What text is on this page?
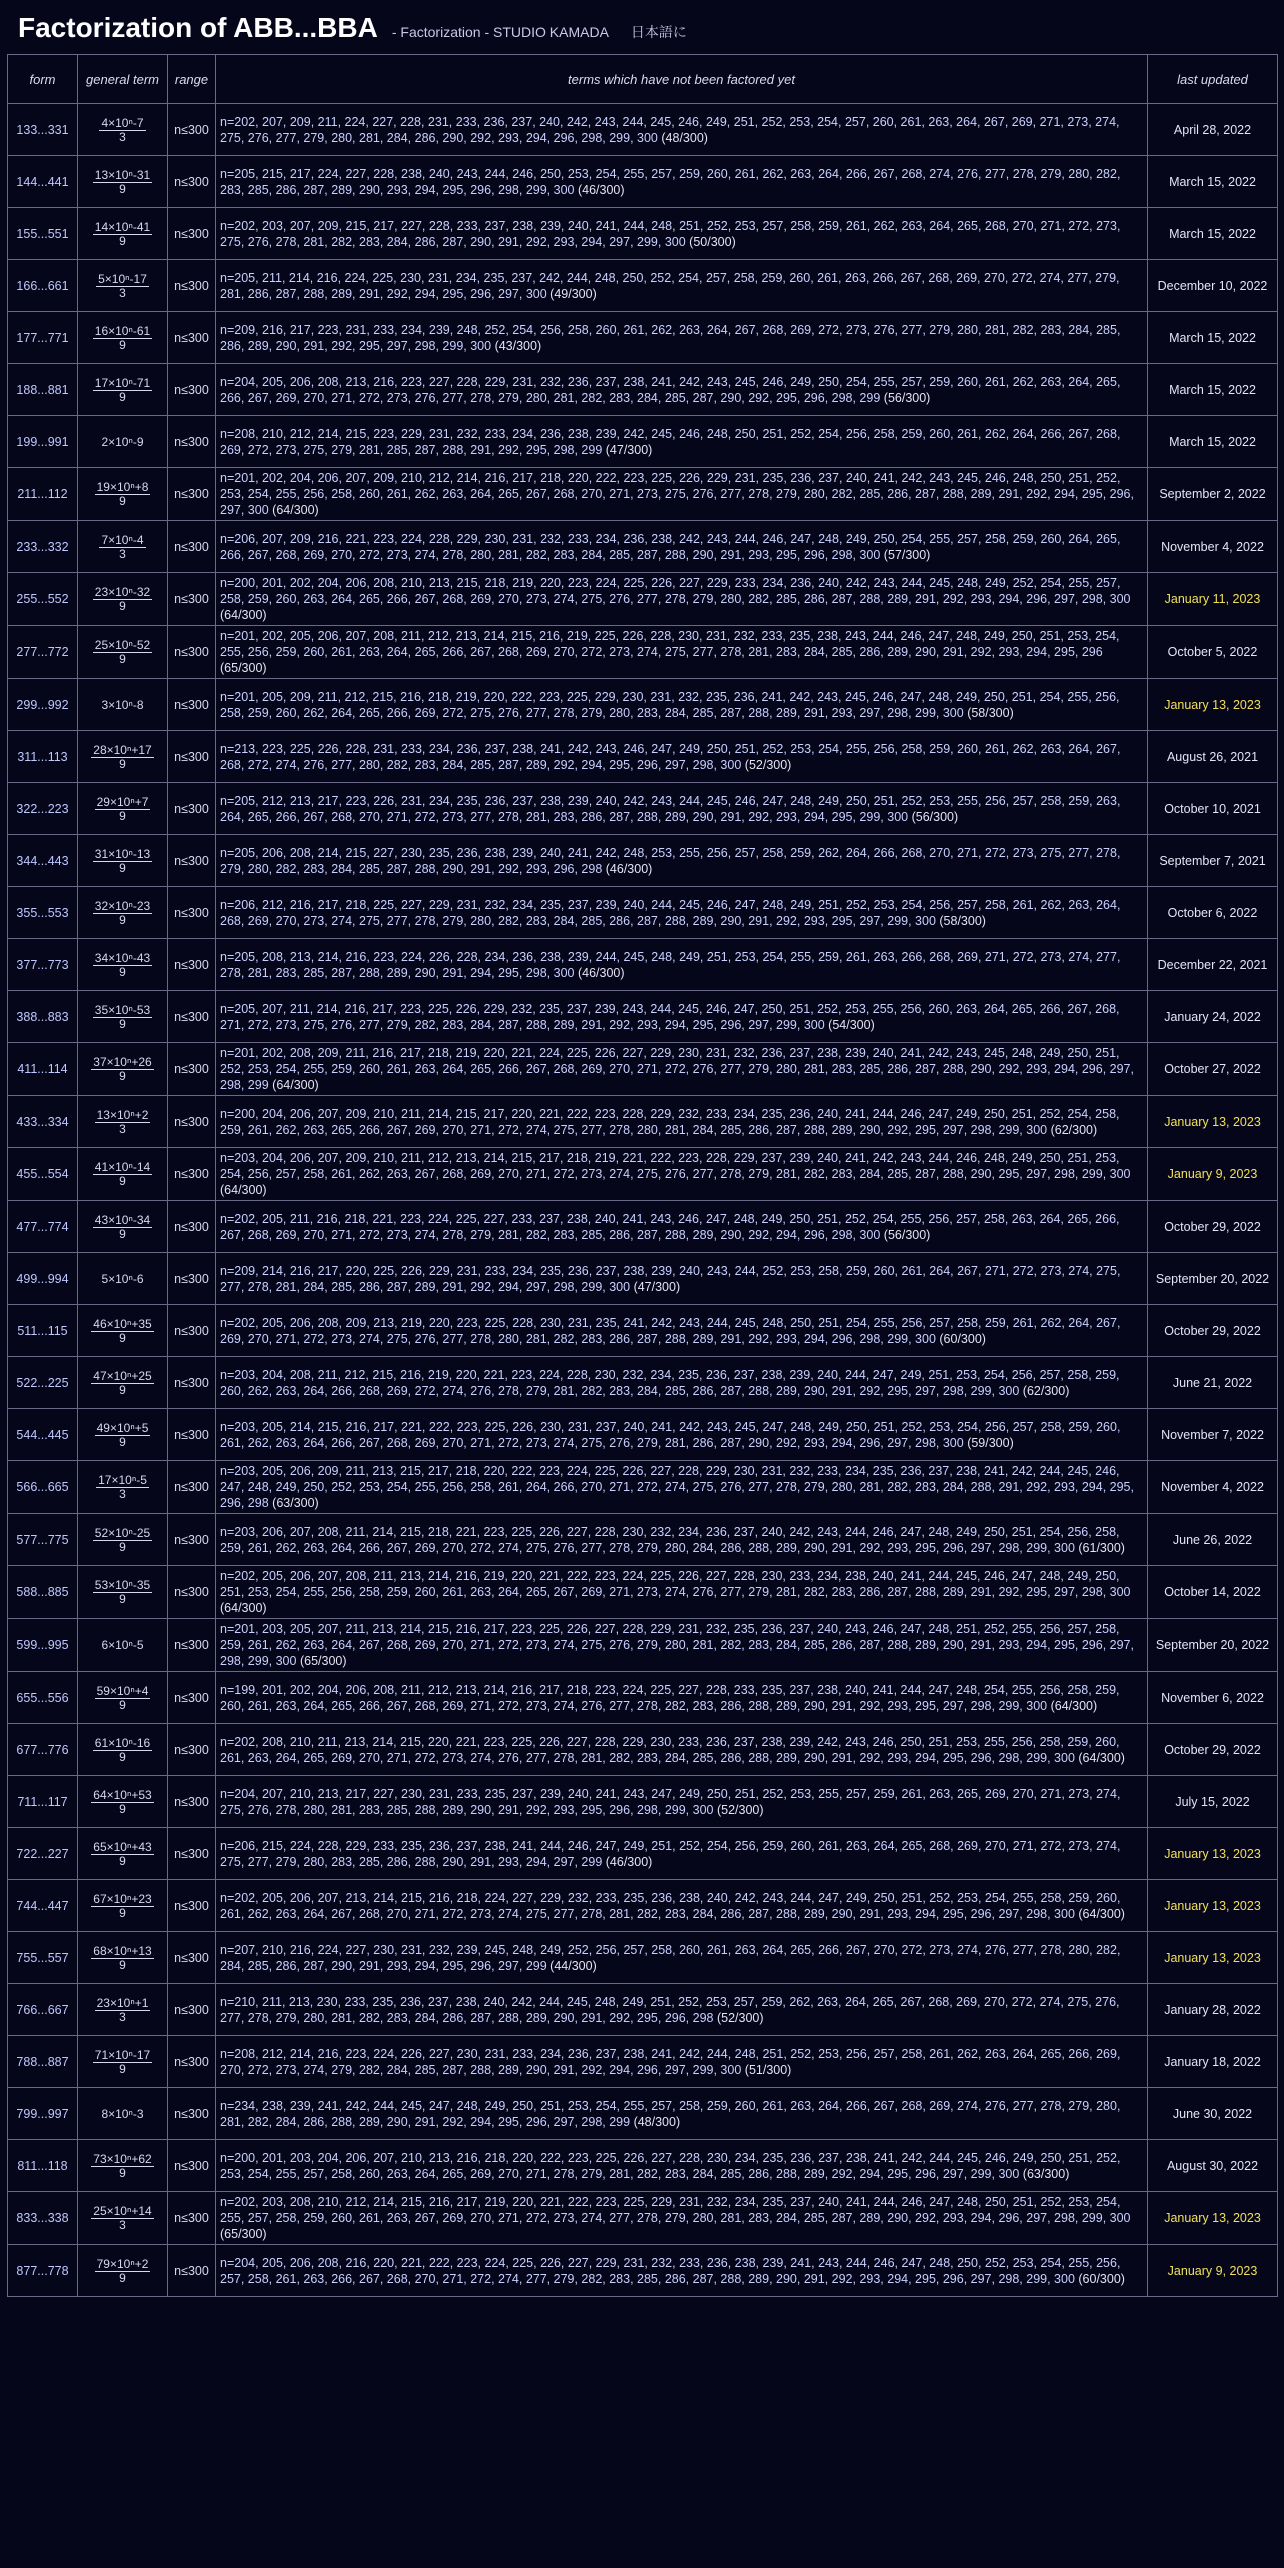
Factorization of ABB...BBA - Factorization - STUDIO KAMADA 日本語に
form	general term	range	terms which have not been factored yet	last updated
133...331	$\frac{\text{4×10ⁿ-7}}{3}$	n≤300	n=202, 207, 209, 211, 224, 227, 228, 231, 233, 236, 237, 240, 242, 243, 244, 245, 246, 249, 251, 252, 253, 254, 257, 260, 261, 263, 264, 267, 269, 271, 273, 274, 275, 276, 277, 279, 280, 281, 284, 286, 290, 292, 293, 294, 296, 298, 299, 300 (48/300)	April 28, 2022
144...441	$\frac{\text{13×10ⁿ-31}}{9}$	n≤300	n=205, 215, 217, 224, 227, 228, 238, 240, 243, 244, 246, 250, 253, 254, 255, 257, 259, 260, 261, 262, 263, 264, 266, 267, 268, 274, 276, 277, 278, 279, 280, 282, 283, 285, 286, 287, 289, 290, 293, 294, 295, 296, 298, 299, 300 (46/300)	March 15, 2022
155...551	$\frac{\text{14×10ⁿ-41}}{9}$	n≤300	n=202, 203, 207, 209, 215, 217, 227, 228, 233, 237, 238, 239, 240, 241, 244, 248, 251, 252, 253, 257, 258, 259, 261, 262, 263, 264, 265, 268, 270, 271, 272, 273, 275, 276, 278, 281, 282, 283, 284, 286, 287, 290, 291, 292, 293, 294, 297, 299, 300 (50/300)	March 15, 2022
166...661	$\frac{\text{5×10ⁿ-17}}{3}$	n≤300	n=205, 211, 214, 216, 224, 225, 230, 231, 234, 235, 237, 242, 244, 248, 250, 252, 254, 257, 258, 259, 260, 261, 263, 266, 267, 268, 269, 270, 272, 274, 277, 279, 281, 286, 287, 288, 289, 291, 292, 294, 295, 296, 297, 300 (49/300)	December 10, 2022
177...771	$\frac{\text{16×10ⁿ-61}}{9}$	n≤300	n=209, 216, 217, 223, 231, 233, 234, 239, 248, 252, 254, 256, 258, 260, 261, 262, 263, 264, 267, 268, 269, 272, 273, 276, 277, 279, 280, 281, 282, 283, 284, 285, 286, 289, 290, 291, 292, 295, 297, 298, 299, 300 (43/300)	March 15, 2022
188...881	$\frac{\text{17×10ⁿ-71}}{9}$	n≤300	n=204, 205, 206, 208, 213, 216, 223, 227, 228, 229, 231, 232, 236, 237, 238, 241, 242, 243, 245, 246, 249, 250, 254, 255, 257, 259, 260, 261, 262, 263, 264, 265, 266, 267, 269, 270, 271, 272, 273, 276, 277, 278, 279, 280, 281, 282, 283, 284, 285, 287, 290, 292, 295, 296, 298, 299 (56/300)	March 15, 2022
199...991	2×10ⁿ-9	n≤300	n=208, 210, 212, 214, 215, 223, 229, 231, 232, 233, 234, 236, 238, 239, 242, 245, 246, 248, 250, 251, 252, 254, 256, 258, 259, 260, 261, 262, 264, 266, 267, 268, 269, 272, 273, 275, 279, 281, 285, 287, 288, 291, 292, 295, 298, 299 (47/300)	March 15, 2022
211...112	$\frac{\text{19×10ⁿ+8}}{9}$	n≤300	n=201, 202, 204, 206, 207, 209, 210, 212, 214, 216, 217, 218, 220, 222, 223, 225, 226, 229, 231, 235, 236, 237, 240, 241, 242, 243, 245, 246, 248, 250, 251, 252, 253, 254, 255, 256, 258, 260, 261, 262, 263, 264, 265, 267, 268, 270, 271, 273, 275, 276, 277, 278, 279, 280, 282, 285, 286, 287, 288, 289, 291, 292, 294, 295, 296, 297, 300 (64/300)	September 2, 2022
233...332	$\frac{\text{7×10ⁿ-4}}{3}$	n≤300	n=206, 207, 209, 216, 221, 223, 224, 228, 229, 230, 231, 232, 233, 234, 236, 238, 242, 243, 244, 246, 247, 248, 249, 250, 254, 255, 257, 258, 259, 260, 264, 265, 266, 267, 268, 269, 270, 272, 273, 274, 278, 280, 281, 282, 283, 284, 285, 287, 288, 290, 291, 293, 295, 296, 298, 300 (57/300)	November 4, 2022
255...552	$\frac{\text{23×10ⁿ-32}}{9}$	n≤300	n=200, 201, 202, 204, 206, 208, 210, 213, 215, 218, 219, 220, 223, 224, 225, 226, 227, 229, 233, 234, 236, 240, 242, 243, 244, 245, 248, 249, 252, 254, 255, 257, 258, 259, 260, 263, 264, 265, 266, 267, 268, 269, 270, 273, 274, 275, 276, 277, 278, 279, 280, 282, 285, 286, 287, 288, 289, 291, 292, 293, 294, 296, 297, 298, 300 (64/300)	January 11, 2023
277...772	$\frac{\text{25×10ⁿ-52}}{9}$	n≤300	n=201, 202, 205, 206, 207, 208, 211, 212, 213, 214, 215, 216, 219, 225, 226, 228, 230, 231, 232, 233, 235, 238, 243, 244, 246, 247, 248, 249, 250, 251, 253, 254, 255, 256, 259, 260, 261, 263, 264, 265, 266, 267, 268, 269, 270, 272, 273, 274, 275, 277, 278, 281, 283, 284, 285, 286, 289, 290, 291, 292, 293, 294, 295, 296 (65/300)	October 5, 2022
299...992	3×10ⁿ-8	n≤300	n=201, 205, 209, 211, 212, 215, 216, 218, 219, 220, 222, 223, 225, 229, 230, 231, 232, 235, 236, 241, 242, 243, 245, 246, 247, 248, 249, 250, 251, 254, 255, 256, 258, 259, 260, 262, 264, 265, 266, 269, 272, 275, 276, 277, 278, 279, 280, 283, 284, 285, 287, 288, 289, 291, 293, 297, 298, 299, 300 (58/300)	January 13, 2023
311...113	$\frac{\text{28×10ⁿ+17}}{9}$	n≤300	n=213, 223, 225, 226, 228, 231, 233, 234, 236, 237, 238, 241, 242, 243, 246, 247, 249, 250, 251, 252, 253, 254, 255, 256, 258, 259, 260, 261, 262, 263, 264, 267, 268, 272, 274, 276, 277, 280, 282, 283, 284, 285, 287, 289, 292, 294, 295, 296, 297, 298, 300 (52/300)	August 26, 2021
322...223	$\frac{\text{29×10ⁿ+7}}{9}$	n≤300	n=205, 212, 213, 217, 223, 226, 231, 234, 235, 236, 237, 238, 239, 240, 242, 243, 244, 245, 246, 247, 248, 249, 250, 251, 252, 253, 255, 256, 257, 258, 259, 263, 264, 265, 266, 267, 268, 270, 271, 272, 273, 277, 278, 281, 283, 286, 287, 288, 289, 290, 291, 292, 293, 294, 295, 299, 300 (56/300)	October 10, 2021
344...443	$\frac{\text{31×10ⁿ-13}}{9}$	n≤300	n=205, 206, 208, 214, 215, 227, 230, 235, 236, 238, 239, 240, 241, 242, 248, 253, 255, 256, 257, 258, 259, 262, 264, 266, 268, 270, 271, 272, 273, 275, 277, 278, 279, 280, 282, 283, 284, 285, 287, 288, 290, 291, 292, 293, 296, 298 (46/300)	September 7, 2021
355...553	$\frac{\text{32×10ⁿ-23}}{9}$	n≤300	n=206, 212, 216, 217, 218, 225, 227, 229, 231, 232, 234, 235, 237, 239, 240, 244, 245, 246, 247, 248, 249, 251, 252, 253, 254, 256, 257, 258, 261, 262, 263, 264, 268, 269, 270, 273, 274, 275, 277, 278, 279, 280, 282, 283, 284, 285, 286, 287, 288, 289, 290, 291, 292, 293, 295, 297, 299, 300 (58/300)	October 6, 2022
377...773	$\frac{\text{34×10ⁿ-43}}{9}$	n≤300	n=205, 208, 213, 214, 216, 223, 224, 226, 228, 234, 236, 238, 239, 244, 245, 248, 249, 251, 253, 254, 255, 259, 261, 263, 266, 268, 269, 271, 272, 273, 274, 277, 278, 281, 283, 285, 287, 288, 289, 290, 291, 294, 295, 298, 300 (46/300)	December 22, 2021
388...883	$\frac{\text{35×10ⁿ-53}}{9}$	n≤300	n=205, 207, 211, 214, 216, 217, 223, 225, 226, 229, 232, 235, 237, 239, 243, 244, 245, 246, 247, 250, 251, 252, 253, 255, 256, 260, 263, 264, 265, 266, 267, 268, 271, 272, 273, 275, 276, 277, 279, 282, 283, 284, 287, 288, 289, 291, 292, 293, 294, 295, 296, 297, 299, 300 (54/300)	January 24, 2022
411...114	$\frac{\text{37×10ⁿ+26}}{9}$	n≤300	n=201, 202, 208, 209, 211, 216, 217, 218, 219, 220, 221, 224, 225, 226, 227, 229, 230, 231, 232, 236, 237, 238, 239, 240, 241, 242, 243, 245, 248, 249, 250, 251, 252, 253, 254, 255, 259, 260, 261, 263, 264, 265, 266, 267, 268, 269, 270, 271, 272, 276, 277, 279, 280, 281, 283, 285, 286, 287, 288, 290, 292, 293, 294, 296, 297, 298, 299 (64/300)	October 27, 2022
433...334	$\frac{\text{13×10ⁿ+2}}{3}$	n≤300	n=200, 204, 206, 207, 209, 210, 211, 214, 215, 217, 220, 221, 222, 223, 228, 229, 232, 233, 234, 235, 236, 240, 241, 244, 246, 247, 249, 250, 251, 252, 254, 258, 259, 261, 262, 263, 265, 266, 267, 269, 270, 271, 272, 274, 275, 277, 278, 280, 281, 284, 285, 286, 287, 288, 289, 290, 292, 295, 297, 298, 299, 300 (62/300)	January 13, 2023
455...554	$\frac{\text{41×10ⁿ-14}}{9}$	n≤300	n=203, 204, 206, 207, 209, 210, 211, 212, 213, 214, 215, 217, 218, 219, 221, 222, 223, 228, 229, 237, 239, 240, 241, 242, 243, 244, 246, 248, 249, 250, 251, 253, 254, 256, 257, 258, 261, 262, 263, 267, 268, 269, 270, 271, 272, 273, 274, 275, 276, 277, 278, 279, 281, 282, 283, 284, 285, 287, 288, 290, 295, 297, 298, 299, 300 (64/300)	January 9, 2023
477...774	$\frac{\text{43×10ⁿ-34}}{9}$	n≤300	n=202, 205, 211, 216, 218, 221, 223, 224, 225, 227, 233, 237, 238, 240, 241, 243, 246, 247, 248, 249, 250, 251, 252, 254, 255, 256, 257, 258, 263, 264, 265, 266, 267, 268, 269, 270, 271, 272, 273, 274, 278, 279, 281, 282, 283, 285, 286, 287, 288, 289, 290, 292, 294, 296, 298, 300 (56/300)	October 29, 2022
499...994	5×10ⁿ-6	n≤300	n=209, 214, 216, 217, 220, 225, 226, 229, 231, 233, 234, 235, 236, 237, 238, 239, 240, 243, 244, 252, 253, 258, 259, 260, 261, 264, 267, 271, 272, 273, 274, 275, 277, 278, 281, 284, 285, 286, 287, 289, 291, 292, 294, 297, 298, 299, 300 (47/300)	September 20, 2022
511...115	$\frac{\text{46×10ⁿ+35}}{9}$	n≤300	n=202, 205, 206, 208, 209, 213, 219, 220, 223, 225, 228, 230, 231, 235, 241, 242, 243, 244, 245, 248, 250, 251, 254, 255, 256, 257, 258, 259, 261, 262, 264, 267, 269, 270, 271, 272, 273, 274, 275, 276, 277, 278, 280, 281, 282, 283, 286, 287, 288, 289, 291, 292, 293, 294, 296, 298, 299, 300 (60/300)	October 29, 2022
522...225	$\frac{\text{47×10ⁿ+25}}{9}$	n≤300	n=203, 204, 208, 211, 212, 215, 216, 219, 220, 221, 223, 224, 228, 230, 232, 234, 235, 236, 237, 238, 239, 240, 244, 247, 249, 251, 253, 254, 256, 257, 258, 259, 260, 262, 263, 264, 266, 268, 269, 272, 274, 276, 278, 279, 281, 282, 283, 284, 285, 286, 287, 288, 289, 290, 291, 292, 295, 297, 298, 299, 300 (62/300)	June 21, 2022
544...445	$\frac{\text{49×10ⁿ+5}}{9}$	n≤300	n=203, 205, 214, 215, 216, 217, 221, 222, 223, 225, 226, 230, 231, 237, 240, 241, 242, 243, 245, 247, 248, 249, 250, 251, 252, 253, 254, 256, 257, 258, 259, 260, 261, 262, 263, 264, 266, 267, 268, 269, 270, 271, 272, 273, 274, 275, 276, 279, 281, 286, 287, 290, 292, 293, 294, 296, 297, 298, 300 (59/300)	November 7, 2022
566...665	$\frac{\text{17×10ⁿ-5}}{3}$	n≤300	n=203, 205, 206, 209, 211, 213, 215, 217, 218, 220, 222, 223, 224, 225, 226, 227, 228, 229, 230, 231, 232, 233, 234, 235, 236, 237, 238, 241, 242, 244, 245, 246, 247, 248, 249, 250, 252, 253, 254, 255, 256, 258, 261, 264, 266, 270, 271, 272, 274, 275, 276, 277, 278, 279, 280, 281, 282, 283, 284, 288, 291, 292, 293, 294, 295, 296, 298 (63/300)	November 4, 2022
577...775	$\frac{\text{52×10ⁿ-25}}{9}$	n≤300	n=203, 206, 207, 208, 211, 214, 215, 218, 221, 223, 225, 226, 227, 228, 230, 232, 234, 236, 237, 240, 242, 243, 244, 246, 247, 248, 249, 250, 251, 254, 256, 258, 259, 261, 262, 263, 264, 266, 267, 269, 270, 272, 274, 275, 276, 277, 278, 279, 280, 284, 286, 288, 289, 290, 291, 292, 293, 295, 296, 297, 298, 299, 300 (61/300)	June 26, 2022
588...885	$\frac{\text{53×10ⁿ-35}}{9}$	n≤300	n=202, 205, 206, 207, 208, 211, 213, 214, 216, 219, 220, 221, 222, 223, 224, 225, 226, 227, 228, 230, 233, 234, 238, 240, 241, 244, 245, 246, 247, 248, 249, 250, 251, 253, 254, 255, 256, 258, 259, 260, 261, 263, 264, 265, 267, 269, 271, 273, 274, 276, 277, 279, 281, 282, 283, 286, 287, 288, 289, 291, 292, 295, 297, 298, 300 (64/300)	October 14, 2022
599...995	6×10ⁿ-5	n≤300	n=201, 203, 205, 207, 211, 213, 214, 215, 216, 217, 223, 225, 226, 227, 228, 229, 231, 232, 235, 236, 237, 240, 243, 246, 247, 248, 251, 252, 255, 256, 257, 258, 259, 261, 262, 263, 264, 267, 268, 269, 270, 271, 272, 273, 274, 275, 276, 279, 280, 281, 282, 283, 284, 285, 286, 287, 288, 289, 290, 291, 293, 294, 295, 296, 297, 298, 299, 300 (65/300)	September 20, 2022
655...556	$\frac{\text{59×10ⁿ+4}}{9}$	n≤300	n=199, 201, 202, 204, 206, 208, 211, 212, 213, 214, 216, 217, 218, 223, 224, 225, 227, 228, 233, 235, 237, 238, 240, 241, 244, 247, 248, 254, 255, 256, 258, 259, 260, 261, 263, 264, 265, 266, 267, 268, 269, 271, 272, 273, 274, 276, 277, 278, 282, 283, 286, 288, 289, 290, 291, 292, 293, 295, 297, 298, 299, 300 (64/300)	November 6, 2022
677...776	$\frac{\text{61×10ⁿ-16}}{9}$	n≤300	n=202, 208, 210, 211, 213, 214, 215, 220, 221, 223, 225, 226, 227, 228, 229, 230, 233, 236, 237, 238, 239, 242, 243, 246, 250, 251, 253, 255, 256, 258, 259, 260, 261, 263, 264, 265, 269, 270, 271, 272, 273, 274, 276, 277, 278, 281, 282, 283, 284, 285, 286, 288, 289, 290, 291, 292, 293, 294, 295, 296, 298, 299, 300 (64/300)	October 29, 2022
711...117	$\frac{\text{64×10ⁿ+53}}{9}$	n≤300	n=204, 207, 210, 213, 217, 227, 230, 231, 233, 235, 237, 239, 240, 241, 243, 247, 249, 250, 251, 252, 253, 255, 257, 259, 261, 263, 265, 269, 270, 271, 273, 274, 275, 276, 278, 280, 281, 283, 285, 288, 289, 290, 291, 292, 293, 295, 296, 298, 299, 300 (52/300)	July 15, 2022
722...227	$\frac{\text{65×10ⁿ+43}}{9}$	n≤300	n=206, 215, 224, 228, 229, 233, 235, 236, 237, 238, 241, 244, 246, 247, 249, 251, 252, 254, 256, 259, 260, 261, 263, 264, 265, 268, 269, 270, 271, 272, 273, 274, 275, 277, 279, 280, 283, 285, 286, 288, 290, 291, 293, 294, 297, 299 (46/300)	January 13, 2023
744...447	$\frac{\text{67×10ⁿ+23}}{9}$	n≤300	n=202, 205, 206, 207, 213, 214, 215, 216, 218, 224, 227, 229, 232, 233, 235, 236, 238, 240, 242, 243, 244, 247, 249, 250, 251, 252, 253, 254, 255, 258, 259, 260, 261, 262, 263, 264, 267, 268, 270, 271, 272, 273, 274, 275, 277, 278, 281, 282, 283, 284, 286, 287, 288, 289, 290, 291, 293, 294, 295, 296, 297, 298, 300 (64/300)	January 13, 2023
755...557	$\frac{\text{68×10ⁿ+13}}{9}$	n≤300	n=207, 210, 216, 224, 227, 230, 231, 232, 239, 245, 248, 249, 252, 256, 257, 258, 260, 261, 263, 264, 265, 266, 267, 270, 272, 273, 274, 276, 277, 278, 280, 282, 284, 285, 286, 287, 290, 291, 293, 294, 295, 296, 297, 299 (44/300)	January 13, 2023
766...667	$\frac{\text{23×10ⁿ+1}}{3}$	n≤300	n=210, 211, 213, 230, 233, 235, 236, 237, 238, 240, 242, 244, 245, 248, 249, 251, 252, 253, 257, 259, 262, 263, 264, 265, 267, 268, 269, 270, 272, 274, 275, 276, 277, 278, 279, 280, 281, 282, 283, 284, 286, 287, 288, 289, 290, 291, 292, 295, 296, 298 (52/300)	January 28, 2022
788...887	$\frac{\text{71×10ⁿ-17}}{9}$	n≤300	n=208, 212, 214, 216, 223, 224, 226, 227, 230, 231, 233, 234, 236, 237, 238, 241, 242, 244, 248, 251, 252, 253, 256, 257, 258, 261, 262, 263, 264, 265, 266, 269, 270, 272, 273, 274, 279, 282, 284, 285, 287, 288, 289, 290, 291, 292, 294, 296, 297, 299, 300 (51/300)	January 18, 2022
799...997	8×10ⁿ-3	n≤300	n=234, 238, 239, 241, 242, 244, 245, 247, 248, 249, 250, 251, 253, 254, 255, 257, 258, 259, 260, 261, 263, 264, 266, 267, 268, 269, 274, 276, 277, 278, 279, 280, 281, 282, 284, 286, 288, 289, 290, 291, 292, 294, 295, 296, 297, 298, 299 (48/300)	June 30, 2022
811...118	$\frac{\text{73×10ⁿ+62}}{9}$	n≤300	n=200, 201, 203, 204, 206, 207, 210, 213, 216, 218, 220, 222, 223, 225, 226, 227, 228, 230, 234, 235, 236, 237, 238, 241, 242, 244, 245, 246, 249, 250, 251, 252, 253, 254, 255, 257, 258, 260, 263, 264, 265, 269, 270, 271, 278, 279, 281, 282, 283, 284, 285, 286, 288, 289, 292, 294, 295, 296, 297, 299, 300 (63/300)	August 30, 2022
833...338	$\frac{\text{25×10ⁿ+14}}{3}$	n≤300	n=202, 203, 208, 210, 212, 214, 215, 216, 217, 219, 220, 221, 222, 223, 225, 229, 231, 232, 234, 235, 237, 240, 241, 244, 246, 247, 248, 250, 251, 252, 253, 254, 255, 257, 258, 259, 260, 261, 263, 267, 269, 270, 271, 272, 273, 274, 277, 278, 279, 280, 281, 283, 284, 285, 287, 289, 290, 292, 293, 294, 296, 297, 298, 299, 300 (65/300)	January 13, 2023
877...778	$\frac{\text{79×10ⁿ+2}}{9}$	n≤300	n=204, 205, 206, 208, 216, 220, 221, 222, 223, 224, 225, 226, 227, 229, 231, 232, 233, 236, 238, 239, 241, 243, 244, 246, 247, 248, 250, 252, 253, 254, 255, 256, 257, 258, 261, 263, 266, 267, 268, 270, 271, 272, 274, 277, 279, 282, 283, 285, 286, 287, 288, 289, 290, 291, 292, 293, 294, 295, 296, 297, 298, 299, 300 (60/300)	January 9, 2023
